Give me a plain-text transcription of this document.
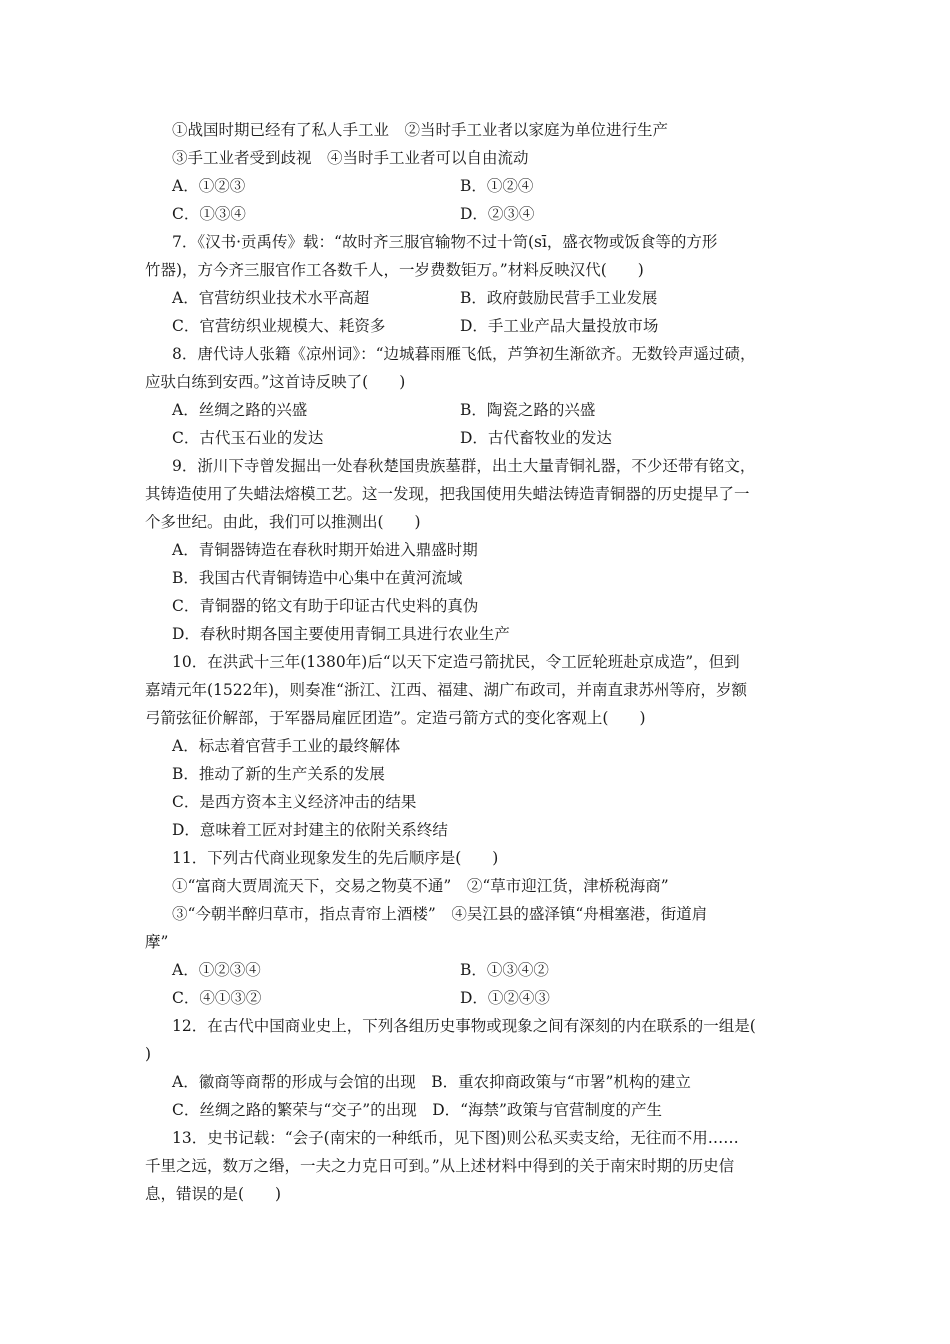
①战国时期已经有了私人手工业　②当时手工业者以家庭为单位进行生产
③手工业者受到歧视　④当时手工业者可以自由流动
A．①②③	B．①②④
C．①③④	D．②③④
7．《汉书·贡禹传》载：“故时齐三服官输物不过十笥(sī，盛衣物或饭食等的方形
竹器)，方今齐三服官作工各数千人，一岁费数钜万。”材料反映汉代(　　)
A．官营纺织业技术水平高超	B．政府鼓励民营手工业发展
C．官营纺织业规模大、耗资多	D．手工业产品大量投放市场
8．唐代诗人张籍《凉州词》：“边城暮雨雁飞低，芦笋初生渐欲齐。无数铃声遥过碛，
应驮白练到安西。”这首诗反映了(　　)
A．丝绸之路的兴盛	B．陶瓷之路的兴盛
C．古代玉石业的发达	D．古代畜牧业的发达
9．浙川下寺曾发掘出一处春秋楚国贵族墓群，出土大量青铜礼器，不少还带有铭文，
其铸造使用了失蜡法熔模工艺。这一发现，把我国使用失蜡法铸造青铜器的历史提早了一
个多世纪。由此，我们可以推测出(　　)
A．青铜器铸造在春秋时期开始进入鼎盛时期
B．我国古代青铜铸造中心集中在黄河流域
C．青铜器的铭文有助于印证古代史料的真伪
D．春秋时期各国主要使用青铜工具进行农业生产
10．在洪武十三年(1380年)后“以天下定造弓箭扰民，令工匠轮班赴京成造”，但到
嘉靖元年(1522年)，则奏准“浙江、江西、福建、湖广布政司，并南直隶苏州等府，岁额
弓箭弦征价解部，于军器局雇匠团造”。定造弓箭方式的变化客观上(　　)
A．标志着官营手工业的最终解体
B．推动了新的生产关系的发展
C．是西方资本主义经济冲击的结果
D．意味着工匠对封建主的依附关系终结
11．下列古代商业现象发生的先后顺序是(　　)
①“富商大贾周流天下，交易之物莫不通”　②“草市迎江货，津桥税海商”
③“今朝半醉归草市，指点青帘上酒楼”　④吴江县的盛泽镇“舟楫塞港，街道肩
摩”
A．①②③④	B．①③④②
C．④①③②	D．①②④③
12．在古代中国商业史上，下列各组历史事物或现象之间有深刻的内在联系的一组是(
)
A．徽商等商帮的形成与会馆的出现　B．重农抑商政策与“市署”机构的建立
C．丝绸之路的繁荣与“交子”的出现　D．“海禁”政策与官营制度的产生
13．史书记载：“会子(南宋的一种纸币，见下图)则公私买卖支给，无往而不用……
千里之远，数万之缗，一夫之力克日可到。”从上述材料中得到的关于南宋时期的历史信
息，错误的是(　　)
